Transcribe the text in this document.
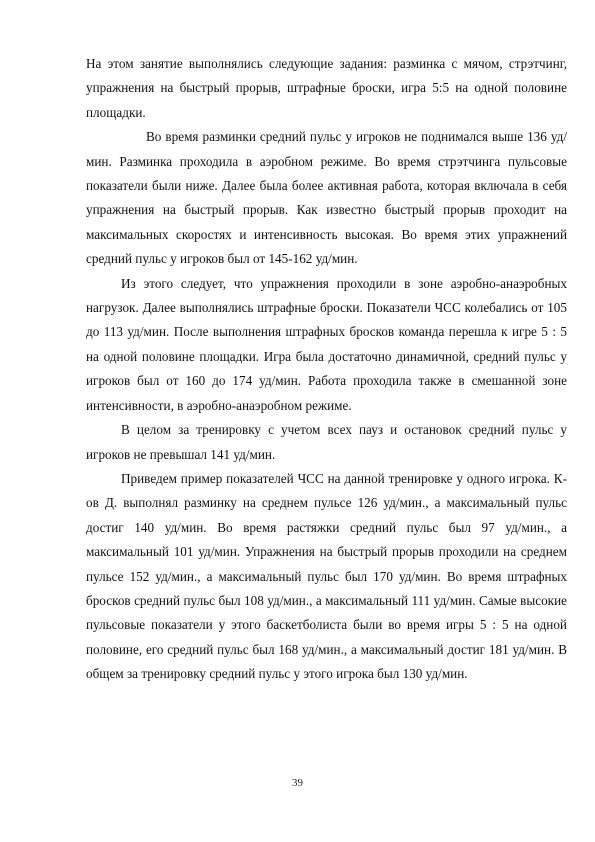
На этом занятие выполнялись следующие задания: разминка с мячом, стрэтчинг, упражнения на быстрый прорыв, штрафные броски, игра 5:5 на одной половине площадки.

Во время разминки средний пульс у игроков не поднимался выше 136 уд/мин. Разминка проходила в аэробном режиме. Во время стрэтчинга пульсовые показатели были ниже. Далее была более активная работа, которая включала в себя упражнения на быстрый прорыв. Как известно быстрый прорыв проходит на максимальных скоростях и интенсивность высокая. Во время этих упражнений средний пульс у игроков был от 145-162 уд/мин.

Из этого следует, что упражнения проходили в зоне аэробно-анаэробных нагрузок. Далее выполнялись штрафные броски. Показатели ЧСС колебались от 105 до 113 уд/мин. После выполнения штрафных бросков команда перешла к игре 5 : 5 на одной половине площадки. Игра была достаточно динамичной, средний пульс у игроков был от 160 до 174 уд/мин. Работа проходила также в смешанной зоне интенсивности, в аэробно-анаэробном режиме.

В целом за тренировку с учетом всех пауз и остановок средний пульс у игроков не превышал 141 уд/мин.

Приведем пример показателей ЧСС на данной тренировке у одного игрока. К-ов Д. выполнял разминку на среднем пульсе 126 уд/мин., а максимальный пульс достиг 140 уд/мин. Во время растяжки средний пульс был 97 уд/мин., а максимальный 101 уд/мин. Упражнения на быстрый прорыв проходили на среднем пульсе 152 уд/мин., а максимальный пульс был 170 уд/мин. Во время штрафных бросков средний пульс был 108 уд/мин., а максимальный 111 уд/мин. Самые высокие пульсовые показатели у этого баскетболиста были во время игры 5 : 5 на одной половине, его средний пульс был 168 уд/мин., а максимальный достиг 181 уд/мин. В общем за тренировку средний пульс у этого игрока был 130 уд/мин.

39
